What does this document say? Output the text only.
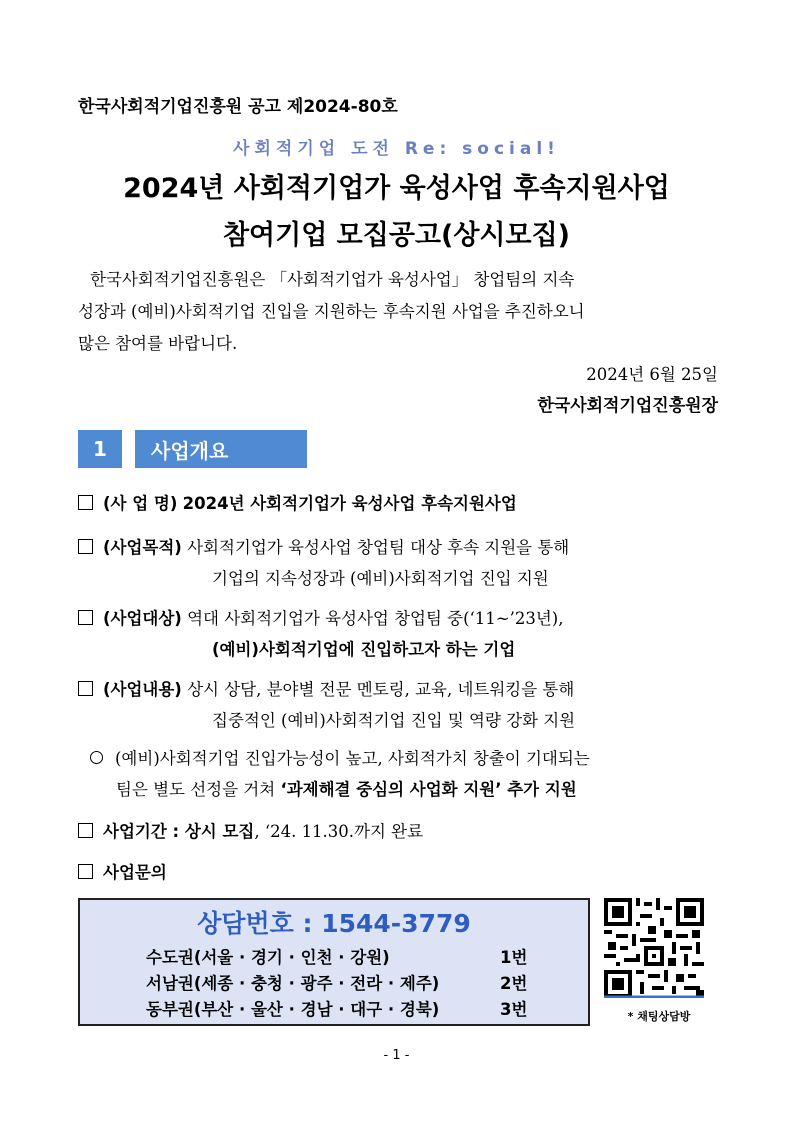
한국사회적기업진흥원 공고 제2024-80호
사회적기업 도전 Re: social!
2024년 사회적기업가 육성사업 후속지원사업
참여기업 모집공고(상시모집)
한국사회적기업진흥원은 「사회적기업가 육성사업」 창업팀의 지속
성장과 (예비)사회적기업 진입을 지원하는 후속지원 사업을 추진하오니
많은 참여를 바랍니다.
2024년 6월 25일
한국사회적기업진흥원장
1	사업개요
(사 업 명) 2024년 사회적기업가 육성사업 후속지원사업
(사업목적) 사회적기업가 육성사업 창업팀 대상 후속 지원을 통해
기업의 지속성장과 (예비)사회적기업 진입 지원
(사업대상) 역대 사회적기업가 육성사업 창업팀 중(‘11~’23년),
(예비)사회적기업에 진입하고자 하는 기업
(사업내용) 상시 상담, 분야별 전문 멘토링, 교육, 네트워킹을 통해
집중적인 (예비)사회적기업 진입 및 역량 강화 지원
(예비)사회적기업 진입가능성이 높고, 사회적가치 창출이 기대되는
팀은 별도 선정을 거쳐 ‘과제해결 중심의 사업화 지원’ 추가 지원
사업기간 : 상시 모집, ‘24. 11.30.까지 완료
사업문의
상담번호 : 1544-3779
수도권(서울 · 경기 · 인천 · 강원)	1번
서남권(세종 · 충청 · 광주 · 전라 · 제주)	2번
동부권(부산 · 울산 · 경남 · 대구 · 경북)	3번	* 채팅상담방
- 1 -
